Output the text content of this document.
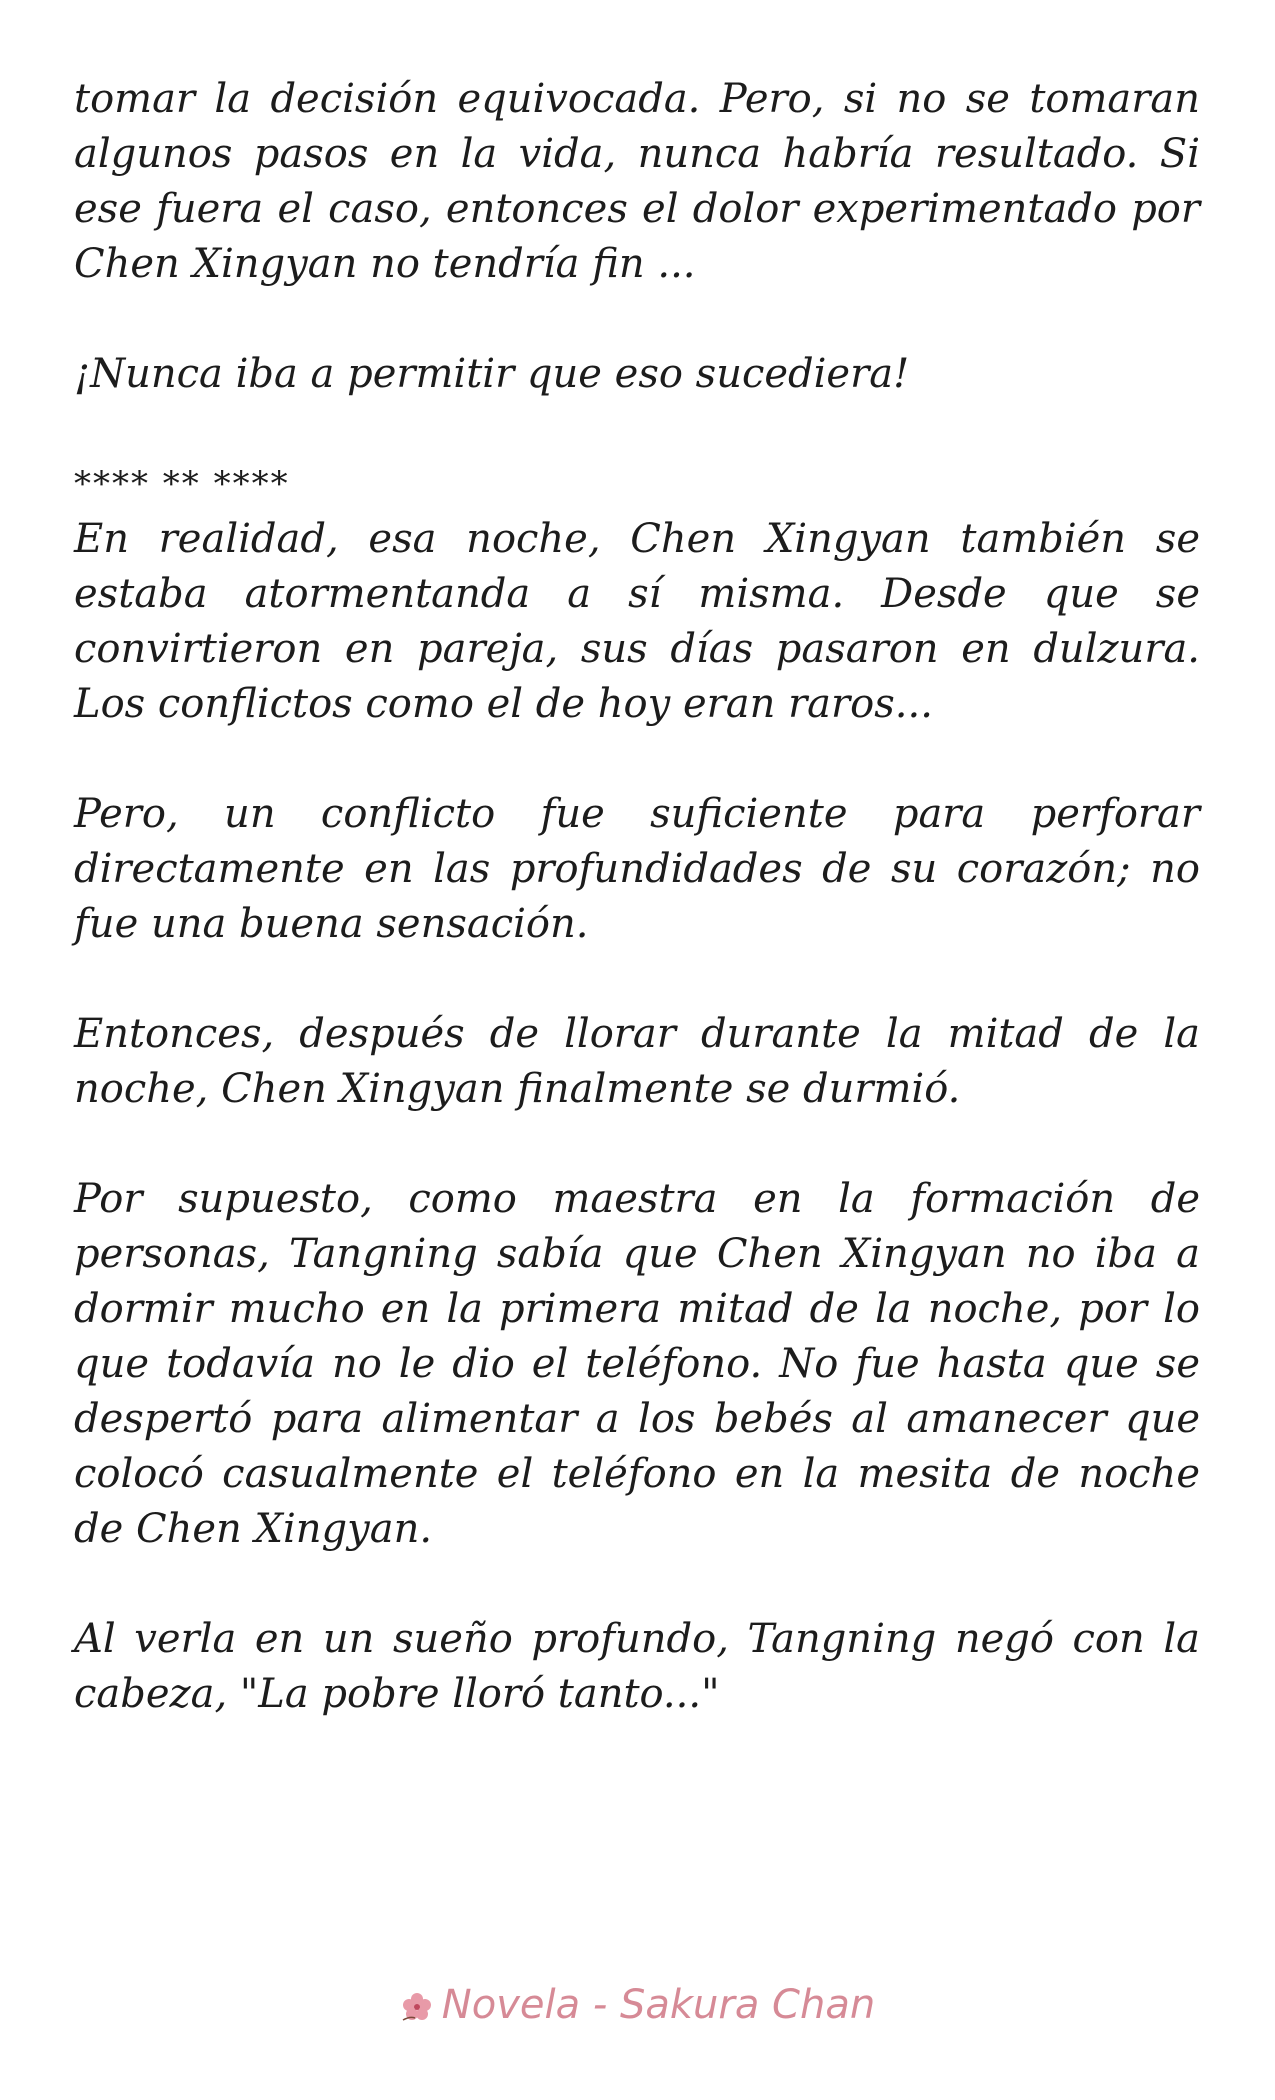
tomar la decisión equivocada. Pero, si no se tomaran algunos pasos en la vida, nunca habría resultado. Si ese fuera el caso, entonces el dolor experimentado por Chen Xingyan no tendría fin ...

¡Nunca iba a permitir que eso sucediera!

**** ** ****

En realidad, esa noche, Chen Xingyan también se estaba atormentanda a sí misma. Desde que se convirtieron en pareja, sus días pasaron en dulzura. Los conflictos como el de hoy eran raros...

Pero, un conflicto fue suficiente para perforar directamente en las profundidades de su corazón; no fue una buena sensación.

Entonces, después de llorar durante la mitad de la noche, Chen Xingyan finalmente se durmió.

Por supuesto, como maestra en la formación de personas, Tangning sabía que Chen Xingyan no iba a dormir mucho en la primera mitad de la noche, por lo que todavía no le dio el teléfono. No fue hasta que se despertó para alimentar a los bebés al amanecer que colocó casualmente el teléfono en la mesita de noche de Chen Xingyan.

Al verla en un sueño profundo, Tangning negó con la cabeza, "La pobre lloró tanto..."

Novela - Sakura Chan
